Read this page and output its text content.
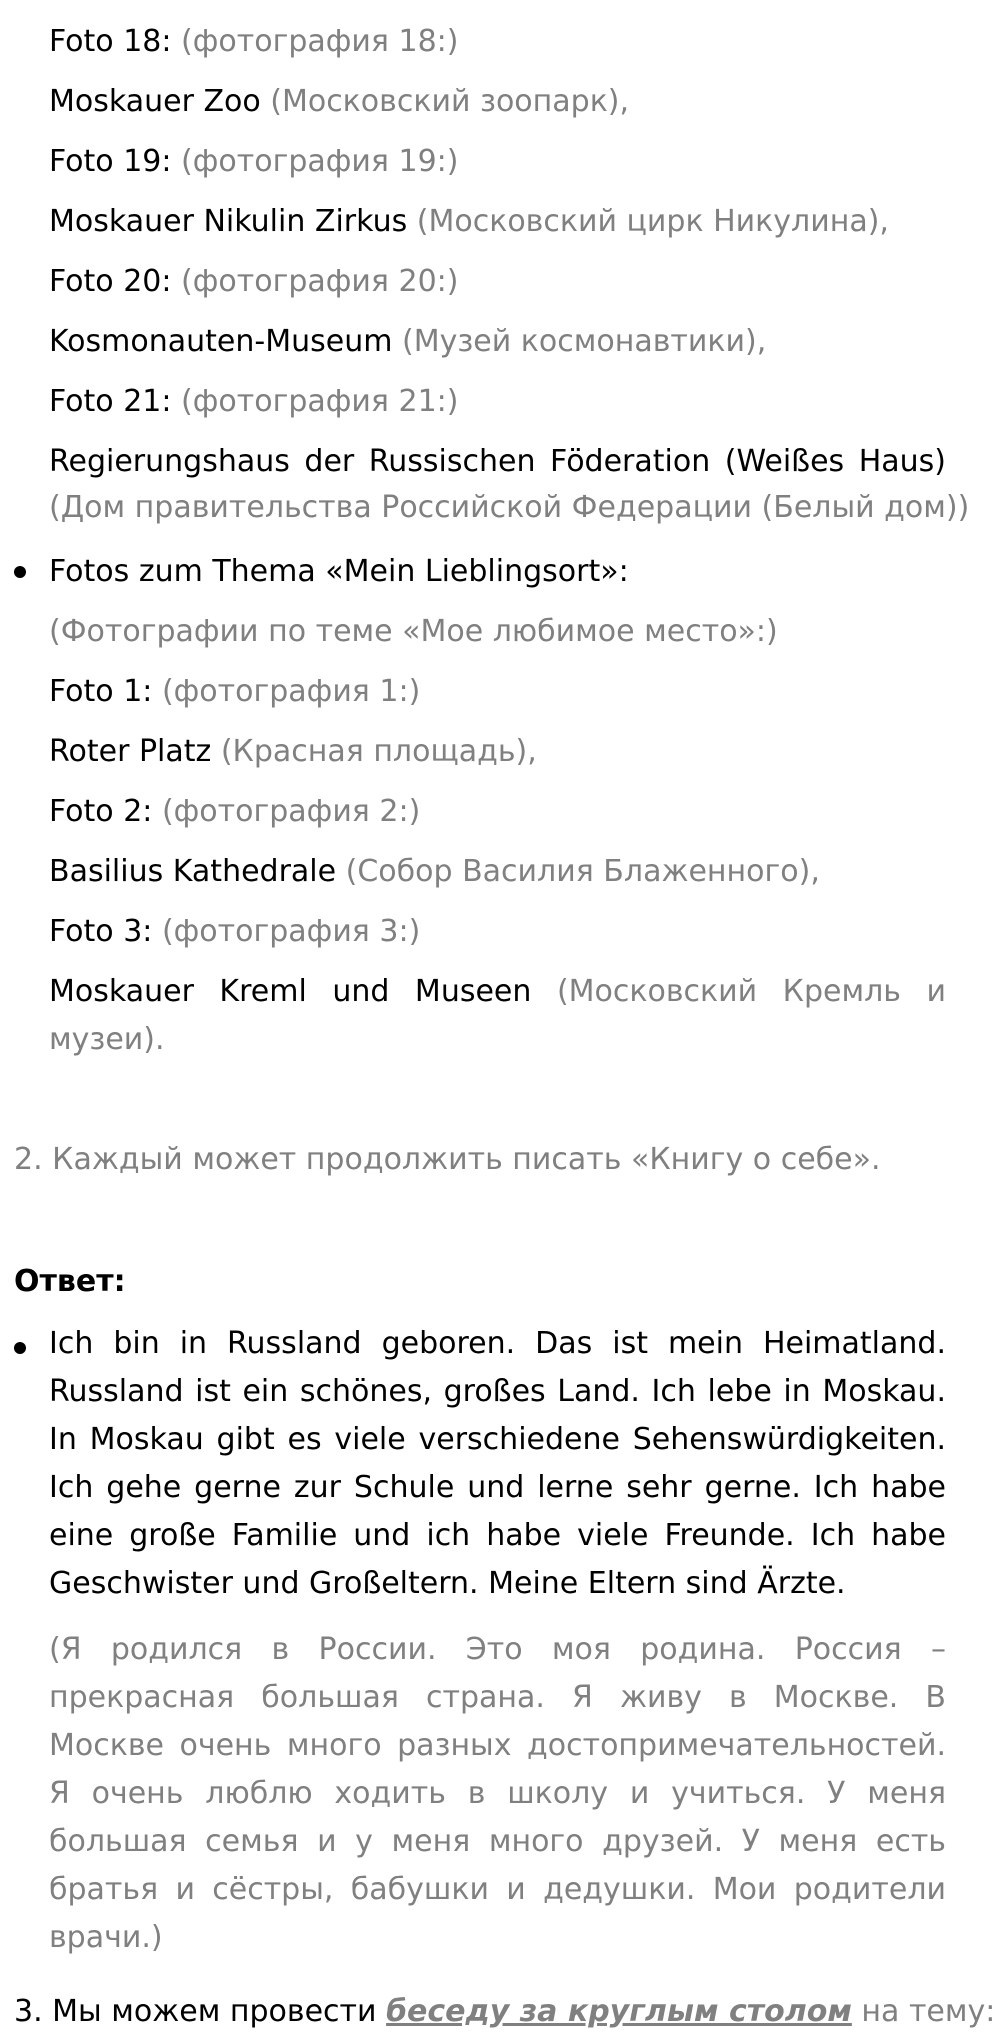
Foto 18: (фотография 18:)
Moskauer Zoo (Московский зоопарк),
Foto 19: (фотография 19:)
Moskauer Nikulin Zirkus (Московский цирк Никулина),
Foto 20: (фотография 20:)
Kosmonauten-Museum (Музей космонавтики),
Foto 21: (фотография 21:)
Regierungshaus der Russischen Föderation (Weißes Haus)
(Дом правительства Российской Федерации (Белый дом))
Fotos zum Thema «Mein Lieblingsort»:
(Фотографии по теме «Мое любимое место»:)
Foto 1: (фотография 1:)
Roter Platz (Красная площадь),
Foto 2: (фотография 2:)
Basilius Kathedrale (Собор Василия Блаженного),
Foto 3: (фотография 3:)
Moskauer Kreml und Museen (Московский Кремль и
музеи).
2. Каждый может продолжить писать «Книгу о себе».
Ответ:
Ich bin in Russland geboren. Das ist mein Heimatland. Russland ist ein schönes, großes Land. Ich lebe in Moskau. In Moskau gibt es viele verschiedene Sehenswürdigkeiten. Ich gehe gerne zur Schule und lerne sehr gerne. Ich habe eine große Familie und ich habe viele Freunde. Ich habe Geschwister und Großeltern. Meine Eltern sind Ärzte.
(Я родился в России. Это моя родина. Россия – прекрасная большая страна. Я живу в Москве. В Москве очень много разных достопримечательностей. Я очень люблю ходить в школу и учиться. У меня большая семья и у меня много друзей. У меня есть братья и сёстры, бабушки и дедушки. Мои родители врачи.)
3. Мы можем провести беседу за круглым столом на тему:
